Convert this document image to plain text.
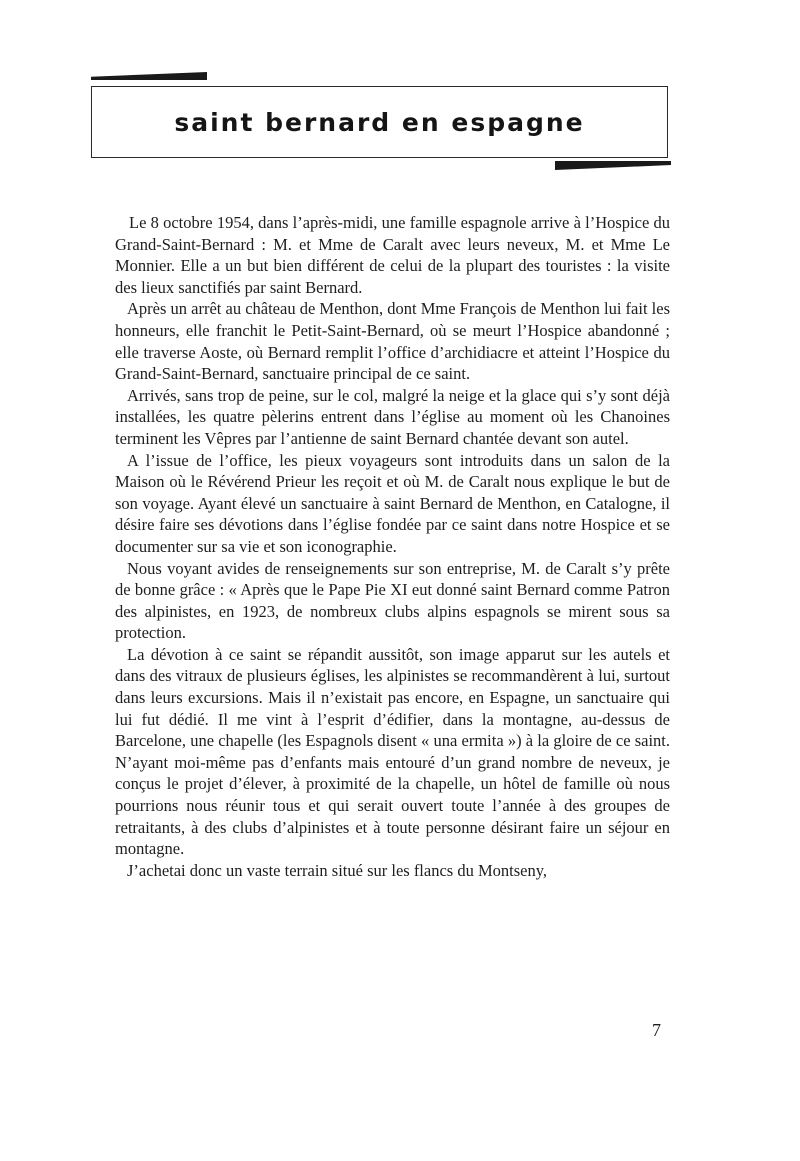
saint bernard en espagne

Le 8 octobre 1954, dans l’après-midi, une famille espagnole arrive à l’Hospice du Grand-Saint-Bernard : M. et Mme de Caralt avec leurs neveux, M. et Mme Le Monnier. Elle a un but bien différent de celui de la plupart des touristes : la visite des lieux sanctifiés par saint Bernard.

Après un arrêt au château de Menthon, dont Mme François de Menthon lui fait les honneurs, elle franchit le Petit-Saint-Bernard, où se meurt l’Hospice abandonné ; elle traverse Aoste, où Bernard remplit l’office d’archidiacre et atteint l’Hospice du Grand-Saint-Bernard, sanctuaire principal de ce saint.

Arrivés, sans trop de peine, sur le col, malgré la neige et la glace qui s’y sont déjà installées, les quatre pèlerins entrent dans l’église au moment où les Chanoines terminent les Vêpres par l’antienne de saint Bernard chantée devant son autel.

A l’issue de l’office, les pieux voyageurs sont introduits dans un salon de la Maison où le Révérend Prieur les reçoit et où M. de Caralt nous explique le but de son voyage. Ayant élevé un sanctuaire à saint Bernard de Menthon, en Catalogne, il désire faire ses dévotions dans l’église fondée par ce saint dans notre Hospice et se documenter sur sa vie et son iconographie.

Nous voyant avides de renseignements sur son entreprise, M. de Caralt s’y prête de bonne grâce : « Après que le Pape Pie XI eut donné saint Bernard comme Patron des alpinistes, en 1923, de nombreux clubs alpins espagnols se mirent sous sa protection.

La dévotion à ce saint se répandit aussitôt, son image apparut sur les autels et dans des vitraux de plusieurs églises, les alpinistes se recommandèrent à lui, surtout dans leurs excursions. Mais il n’existait pas encore, en Espagne, un sanctuaire qui lui fut dédié. Il me vint à l’esprit d’édifier, dans la montagne, au-dessus de Barcelone, une chapelle (les Espagnols disent « una ermita ») à la gloire de ce saint. N’ayant moi-même pas d’enfants mais entouré d’un grand nombre de neveux, je conçus le projet d’élever, à proximité de la chapelle, un hôtel de famille où nous pourrions nous réunir tous et qui serait ouvert toute l’année à des groupes de retraitants, à des clubs d’alpinistes et à toute personne désirant faire un séjour en montagne.

J’achetai donc un vaste terrain situé sur les flancs du Montseny,

7
